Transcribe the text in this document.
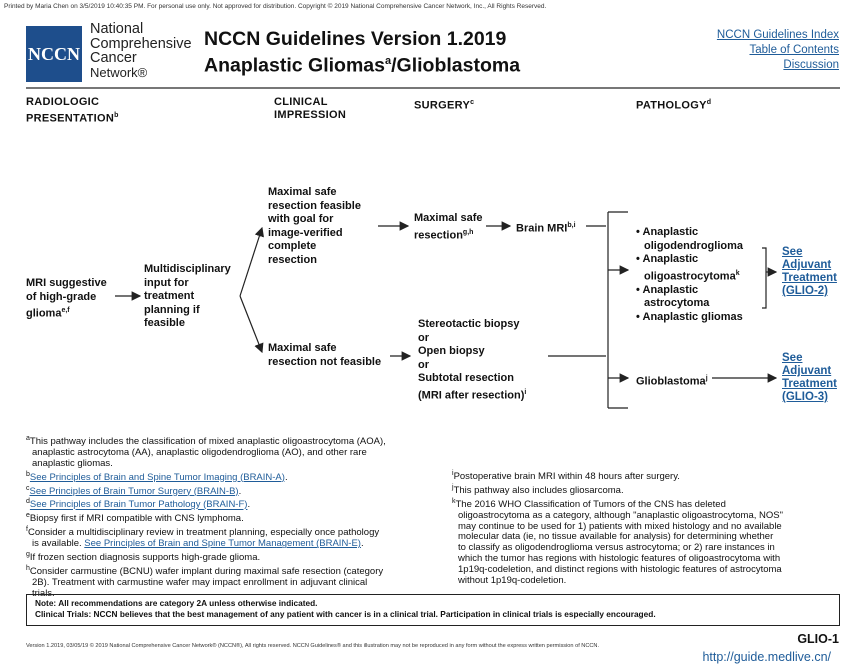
Printed by Maria Chen on 3/5/2019 10:40:35 PM. For personal use only. Not approved for distribution. Copyright © 2019 National Comprehensive Cancer Network, Inc., All Rights Reserved.
NCCN
National
Comprehensive
Cancer
Network®
NCCN Guidelines Version 1.2019
Anaplastic Gliomas$^a$/Glioblastoma
NCCN Guidelines Index
Table of Contents
Discussion
RADIOLOGIC
PRESENTATION$^b$
CLINICAL
IMPRESSION
SURGERY$^c$	PATHOLOGY$^d$
MRI suggestive
of high-grade
glioma$^{e,f}$
Multidisciplinary
input for
treatment
planning if
feasible
Maximal safe
resection feasible
with goal for
image-verified
complete
resection
Maximal safe
resection not feasible
Maximal safe
resection$^{g,h}$	Brain MRI$^{b,i}$
Stereotactic biopsy
or
Open biopsy
or
Subtotal resection
(MRI after resection)$^i$
• Anaplastic
oligodendroglioma
• Anaplastic
oligoastrocytoma$^k$
• Anaplastic
astrocytoma
• Anaplastic gliomas
Glioblastoma$^j$
See
Adjuvant
Treatment
(GLIO-2)
See
Adjuvant
Treatment
(GLIO-3)
$^a$This pathway includes the classification of mixed anaplastic oligoastrocytoma (AOA),
anaplastic astrocytoma (AA), anaplastic oligodendroglioma (AO), and other rare
anaplastic gliomas.
$^b$See Principles of Brain and Spine Tumor Imaging (BRAIN-A).
$^c$See Principles of Brain Tumor Surgery (BRAIN-B).
$^d$See Principles of Brain Tumor Pathology (BRAIN-F).
$^e$Biopsy first if MRI compatible with CNS lymphoma.
$^f$Consider a multidisciplinary review in treatment planning, especially once pathology
is available. See Principles of Brain and Spine Tumor Management (BRAIN-E).
$^g$If frozen section diagnosis supports high-grade glioma.
$^h$Consider carmustine (BCNU) wafer implant during maximal safe resection (category
2B). Treatment with carmustine wafer may impact enrollment in adjuvant clinical
trials.
$^i$Postoperative brain MRI within 48 hours after surgery.
$^j$This pathway also includes gliosarcoma.
$^k$The 2016 WHO Classification of Tumors of the CNS has deleted
oligoastrocytoma as a category, although "anaplastic oligoastrocytoma, NOS"
may continue to be used for 1) patients with mixed histology and no available
molecular data (ie, no tissue available for analysis) for determining whether
to classify as oligodendroglioma versus astrocytoma; or 2) rare instances in
which the tumor has regions with histologic features of oligoastrocytoma with
1p19q-codeletion, and distinct regions with histologic features of astrocytoma
without 1p19q-codeletion.
Note: All recommendations are category 2A unless otherwise indicated.
Clinical Trials: NCCN believes that the best management of any patient with cancer is in a clinical trial. Participation in clinical trials is especially encouraged.
GLIO-1
Version 1.2019, 03/05/19 © 2019 National Comprehensive Cancer Network® (NCCN®), All rights reserved. NCCN Guidelines® and this illustration may not be reproduced in any form without the express written permission of NCCN.
http://guide.medlive.cn/
